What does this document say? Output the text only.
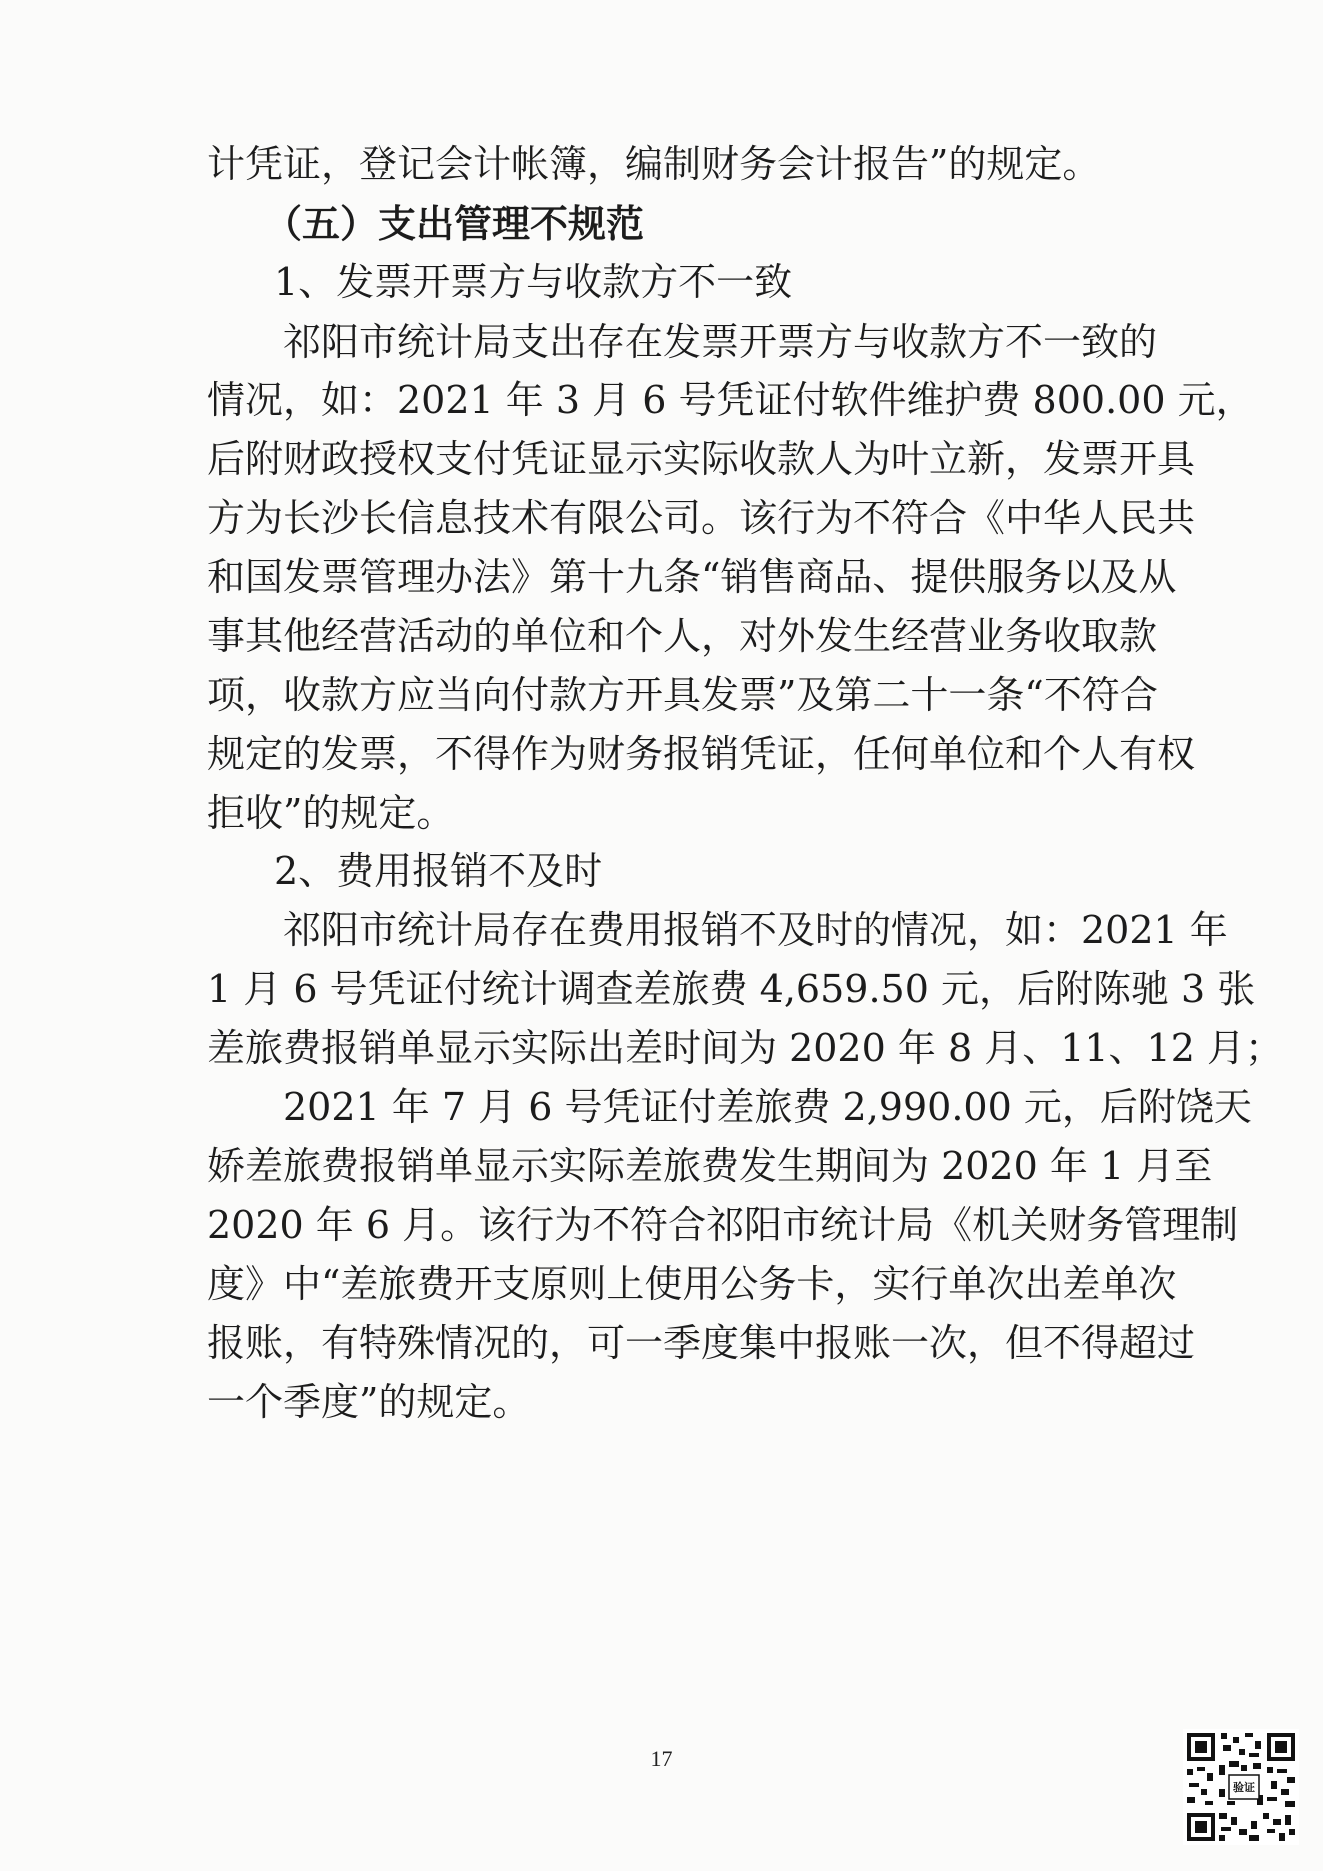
计凭证，登记会计帐簿，编制财务会计报告”的规定。
（五）支出管理不规范
1、发票开票方与收款方不一致
祁阳市统计局支出存在发票开票方与收款方不一致的
情况，如：2021 年 3 月 6 号凭证付软件维护费 800.00 元，
后附财政授权支付凭证显示实际收款人为叶立新，发票开具
方为长沙长信息技术有限公司。该行为不符合《中华人民共
和国发票管理办法》第十九条“销售商品、提供服务以及从
事其他经营活动的单位和个人，对外发生经营业务收取款
项，收款方应当向付款方开具发票”及第二十一条“不符合
规定的发票，不得作为财务报销凭证，任何单位和个人有权
拒收”的规定。
2、费用报销不及时
祁阳市统计局存在费用报销不及时的情况，如：2021 年
1 月 6 号凭证付统计调查差旅费 4,659.50 元，后附陈驰 3 张
差旅费报销单显示实际出差时间为 2020 年 8 月、11、12 月；
2021 年 7 月 6 号凭证付差旅费 2,990.00 元，后附饶天
娇差旅费报销单显示实际差旅费发生期间为 2020 年 1 月至
2020 年 6 月。该行为不符合祁阳市统计局《机关财务管理制
度》中“差旅费开支原则上使用公务卡，实行单次出差单次
报账，有特殊情况的，可一季度集中报账一次，但不得超过
一个季度”的规定。
17
验证
